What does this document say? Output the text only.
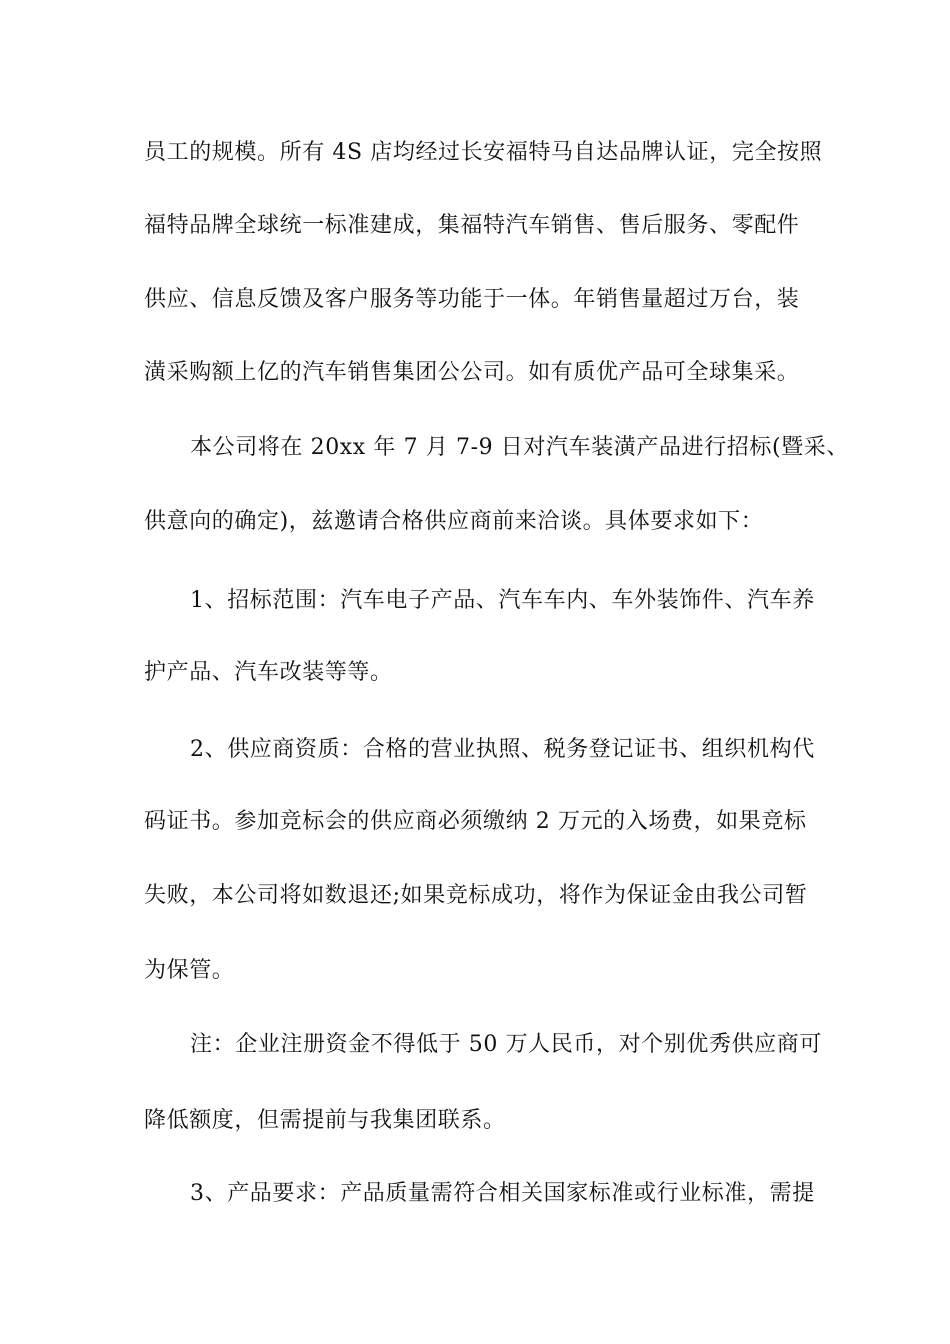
员工的规模。所有 4S 店均经过长安福特马自达品牌认证，完全按照
福特品牌全球统一标准建成，集福特汽车销售、售后服务、零配件
供应、信息反馈及客户服务等功能于一体。年销售量超过万台，装
潢采购额上亿的汽车销售集团公公司。如有质优产品可全球集采。
本公司将在 20xx 年 7 月 7-9 日对汽车装潢产品进行招标(暨采、
供意向的确定)，兹邀请合格供应商前来洽谈。具体要求如下：
1、招标范围：汽车电子产品、汽车车内、车外装饰件、汽车养
护产品、汽车改装等等。
2、供应商资质：合格的营业执照、税务登记证书、组织机构代
码证书。参加竞标会的供应商必须缴纳 2 万元的入场费，如果竞标
失败，本公司将如数退还;如果竞标成功，将作为保证金由我公司暂
为保管。
注：企业注册资金不得低于 50 万人民币，对个别优秀供应商可
降低额度，但需提前与我集团联系。
3、产品要求：产品质量需符合相关国家标准或行业标准，需提
